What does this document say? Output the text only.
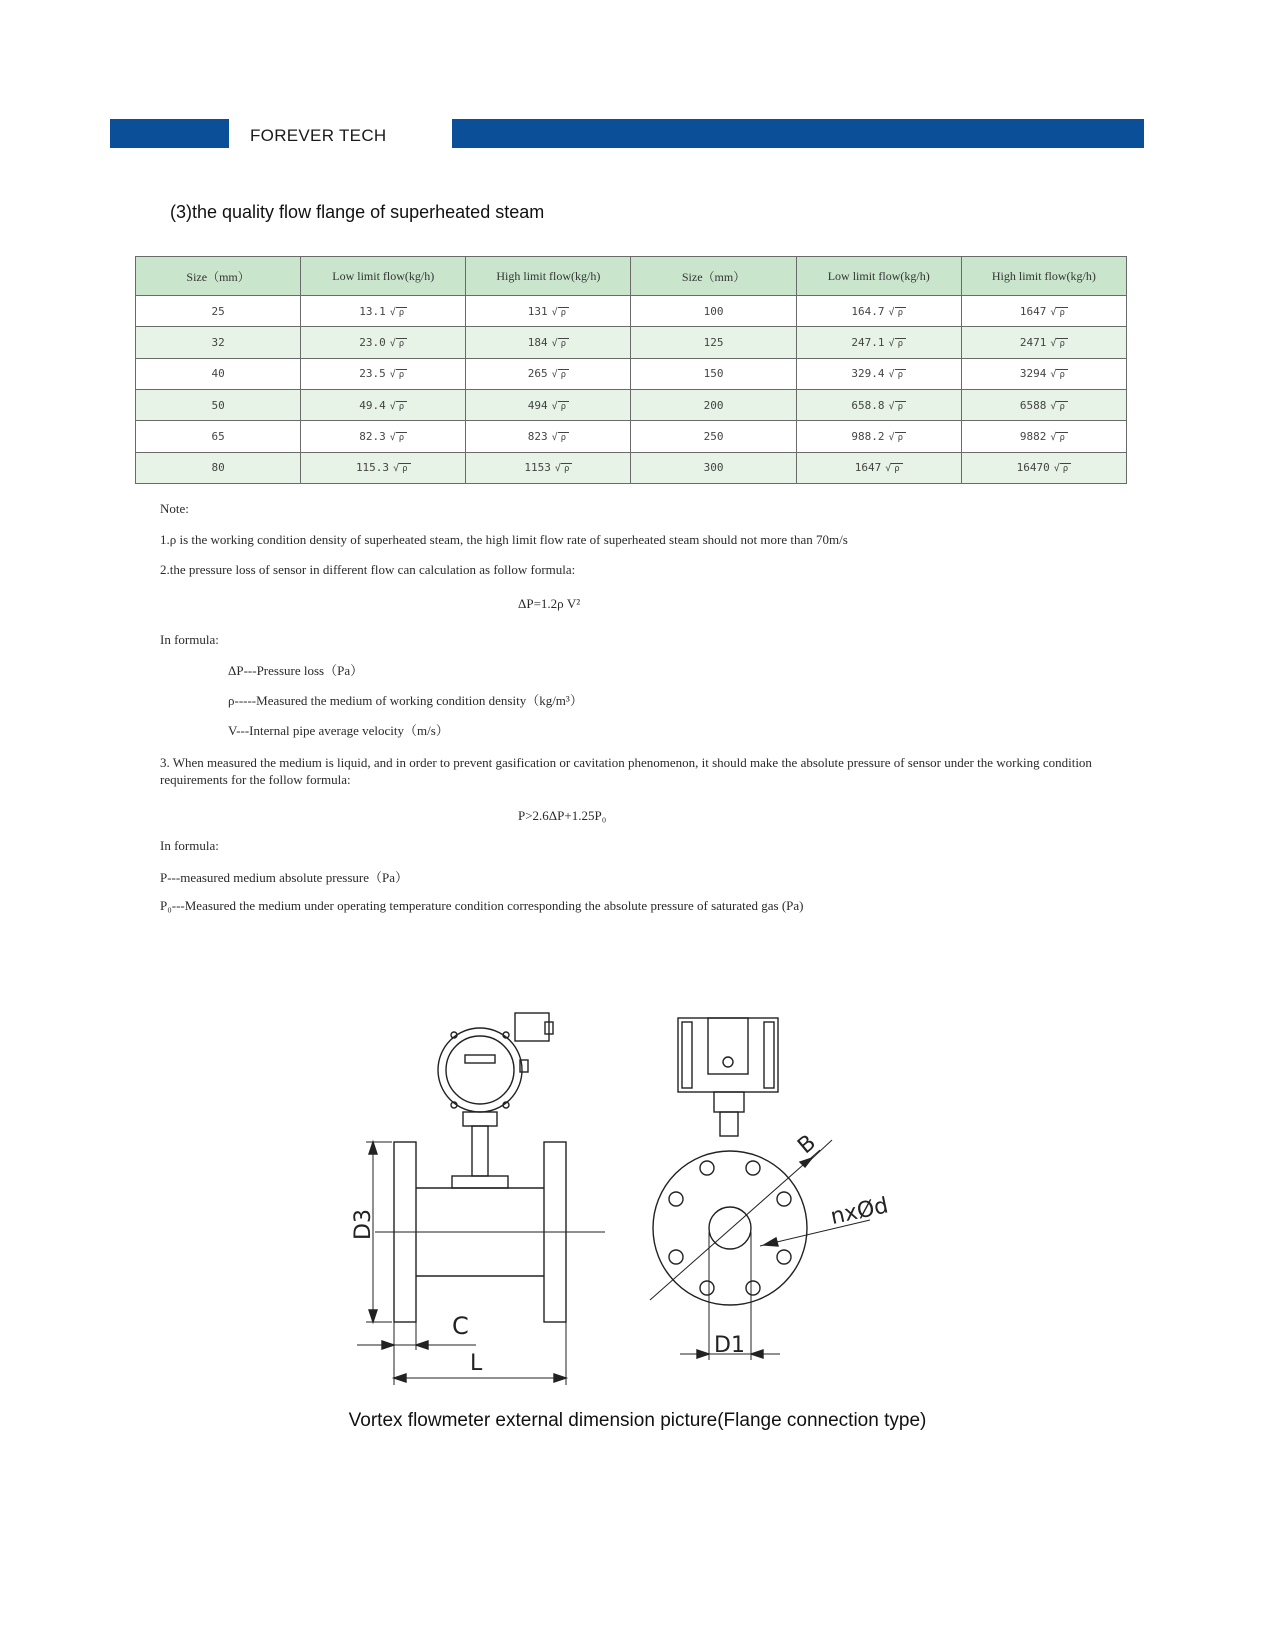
FOREVER TECH
(3)the quality flow flange of superheated steam
Size（mm）	Low limit flow(kg/h)	High limit flow(kg/h)	Size（mm）	Low limit flow(kg/h)	High limit flow(kg/h)
25	13.1 √ ρ	131 √ ρ	100	164.7 √ ρ	1647 √ ρ
32	23.0 √ ρ	184 √ ρ	125	247.1 √ ρ	2471 √ ρ
40	23.5 √ ρ	265 √ ρ	150	329.4 √ ρ	3294 √ ρ
50	49.4 √ ρ	494 √ ρ	200	658.8 √ ρ	6588 √ ρ
65	82.3 √ ρ	823 √ ρ	250	988.2 √ ρ	9882 √ ρ
80	115.3 √ ρ	1153 √ ρ	300	1647 √ ρ	16470 √ ρ
Note:
1.ρ is the working condition density of superheated steam, the high limit flow rate of superheated steam should not more than 70m/s
2.the pressure loss of sensor in different flow can calculation as follow formula:
ΔP=1.2ρ V²
In formula:
ΔP---Pressure loss（Pa）
ρ-----Measured the medium of working condition density（kg/m³）
V---Internal pipe average velocity（m/s）
3. When measured the medium is liquid, and in order to prevent gasification or cavitation phenomenon, it should make the absolute pressure of sensor under the working condition requirements for the follow formula:
P>2.6ΔP+1.25P₀
In formula:
P---measured medium absolute pressure（Pa）
P₀---Measured the medium under operating temperature condition corresponding the absolute pressure of saturated gas (Pa)
D3
C
L
B
nxØd
D1
Vortex flowmeter external dimension picture(Flange connection type)
